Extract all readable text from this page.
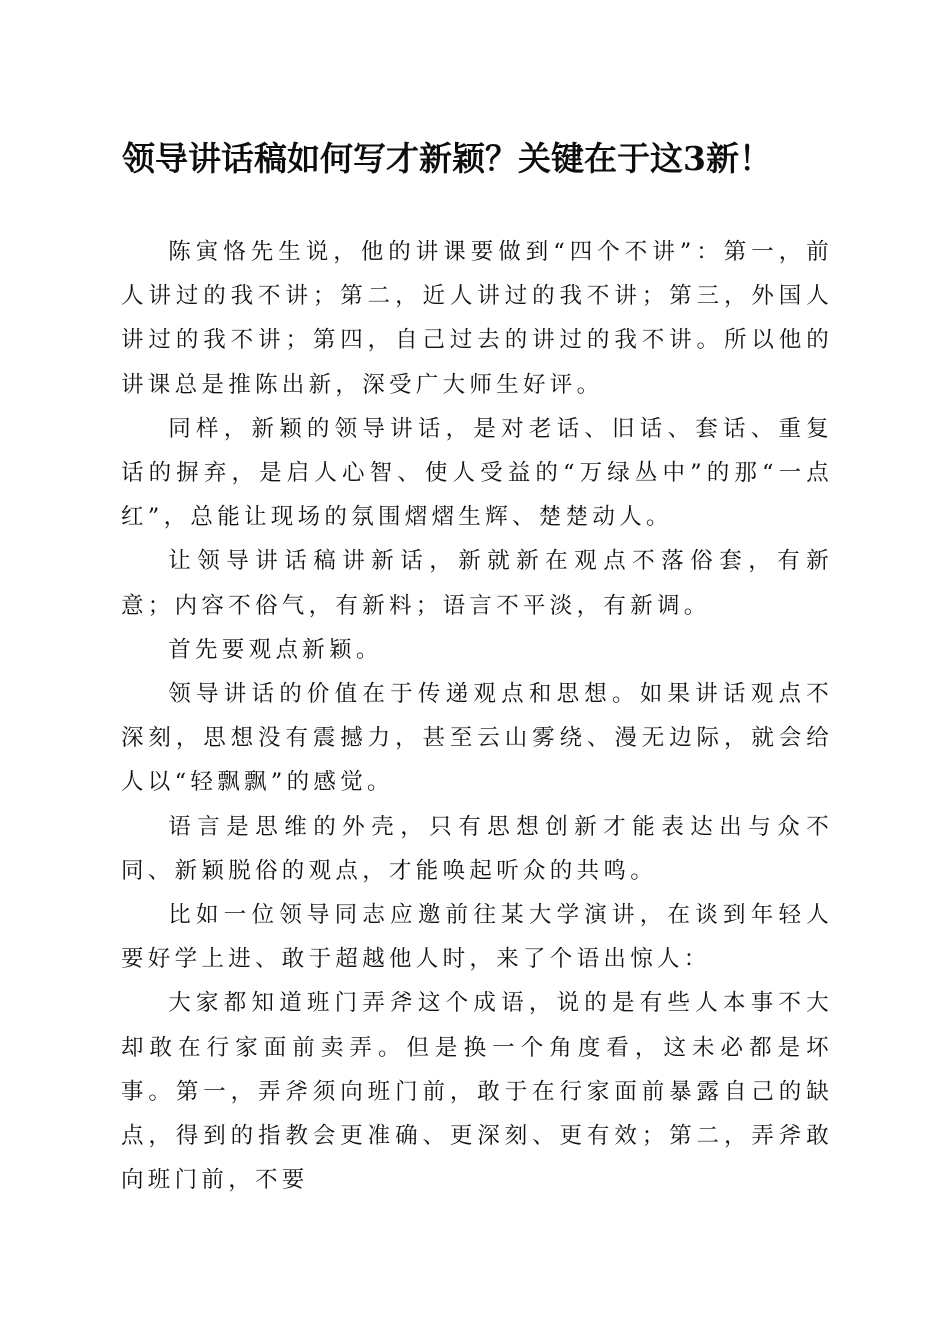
领导讲话稿如何写才新颖？关键在于这3新！

陈寅恪先生说，他的讲课要做到“四个不讲”：第一，前人讲过的我不讲；第二，近人讲过的我不讲；第三，外国人讲过的我不讲；第四，自己过去的讲过的我不讲。所以他的讲课总是推陈出新，深受广大师生好评。

同样，新颖的领导讲话，是对老话、旧话、套话、重复话的摒弃，是启人心智、使人受益的“万绿丛中”的那“一点红”，总能让现场的氛围熠熠生辉、楚楚动人。

让领导讲话稿讲新话，新就新在观点不落俗套，有新意；内容不俗气，有新料；语言不平淡，有新调。

首先要观点新颖。

领导讲话的价值在于传递观点和思想。如果讲话观点不深刻，思想没有震撼力，甚至云山雾绕、漫无边际，就会给人以“轻飘飘”的感觉。

语言是思维的外壳，只有思想创新才能表达出与众不同、新颖脱俗的观点，才能唤起听众的共鸣。

比如一位领导同志应邀前往某大学演讲，在谈到年轻人要好学上进、敢于超越他人时，来了个语出惊人：

大家都知道班门弄斧这个成语，说的是有些人本事不大却敢在行家面前卖弄。但是换一个角度看，这未必都是坏事。第一，弄斧须向班门前，敢于在行家面前暴露自己的缺点，得到的指教会更准确、更深刻、更有效；第二，弄斧敢向班门前，不要
